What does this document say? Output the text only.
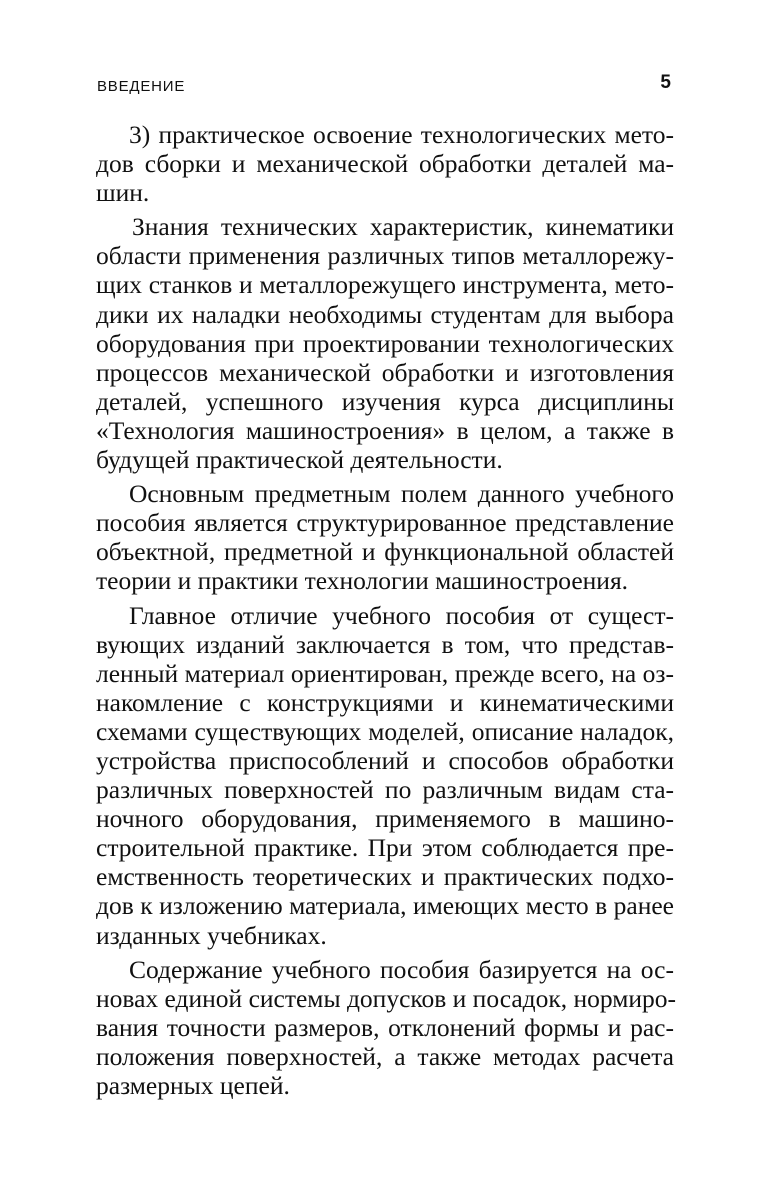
ВВЕДЕНИЕ	5
3) практическое освоение технологических мето-
дов сборки и механической обработки деталей ма-
шин.
Знания технических характеристик, кинематики
области применения различных типов металлорежу-
щих станков и металлорежущего инструмента, мето-
дики их наладки необходимы студентам для выбора
оборудования при проектировании технологических
процессов механической обработки и изготовления
деталей, успешного изучения курса дисциплины
«Технология машиностроения» в целом, а также в
будущей практической деятельности.
Основным предметным полем данного учебного
пособия является структурированное представление
объектной, предметной и функциональной областей
теории и практики технологии машиностроения.
Главное отличие учебного пособия от сущест-
вующих изданий заключается в том, что представ-
ленный материал ориентирован, прежде всего, на оз-
накомление с конструкциями и кинематическими
схемами существующих моделей, описание наладок,
устройства приспособлений и способов обработки
различных поверхностей по различным видам ста-
ночного оборудования, применяемого в машино-
строительной практике. При этом соблюдается пре-
емственность теоретических и практических подхо-
дов к изложению материала, имеющих место в ранее
изданных учебниках.
Содержание учебного пособия базируется на ос-
новах единой системы допусков и посадок, нормиро-
вания точности размеров, отклонений формы и рас-
положения поверхностей, а также методах расчета
размерных цепей.
